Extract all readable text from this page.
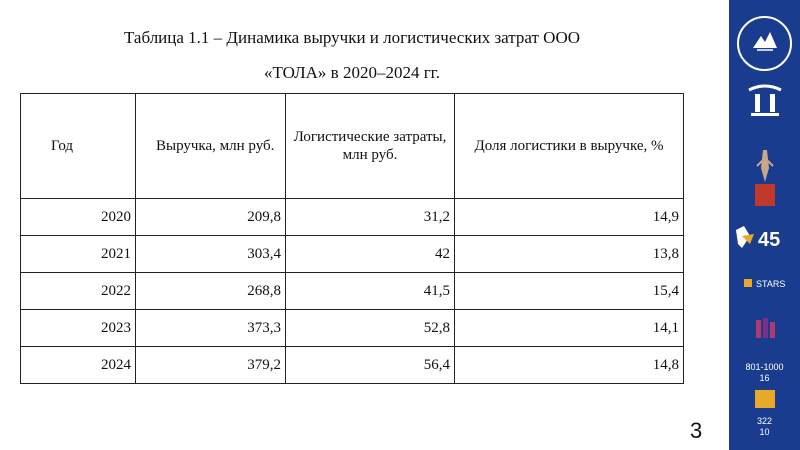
Таблица 1.1 – Динамика выручки и логистических затрат ООО
«ТОЛА» в 2020–2024 гг.
Год	Выручка, млн руб.	Логистические затраты, млн руб.	Доля логистики в выручке, %
2020	209,8	31,2	14,9
2021	303,4	42	13,8
2022	268,8	41,5	15,4
2023	373,3	52,8	14,1
2024	379,2	56,4	14,8
3
45
STARS
801-1000
16
322
10
